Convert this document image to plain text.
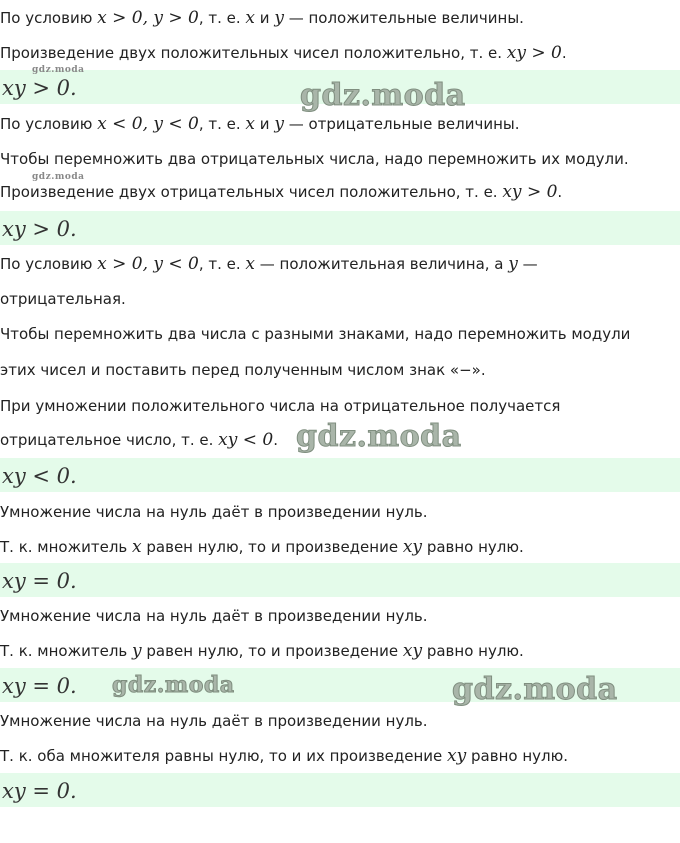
По условию x > 0, y > 0, т. е. x и y — положительные величины.
Произведение двух положительных чисел положительно, т. е. xy > 0.
xy > 0.
По условию x < 0, y < 0, т. е. x и y — отрицательные величины.
Чтобы перемножить два отрицательных числа, надо перемножить их модули.
Произведение двух отрицательных чисел положительно, т. е. xy > 0.
xy > 0.
По условию x > 0, y < 0, т. е. x — положительная величина, а y —
отрицательная.
Чтобы перемножить два числа с разными знаками, надо перемножить модули
этих чисел и поставить перед полученным числом знак «−».
При умножении положительного числа на отрицательное получается
отрицательное число, т. е. xy < 0.
xy < 0.
Умножение числа на нуль даёт в произведении нуль.
Т. к. множитель x равен нулю, то и произведение xy равно нулю.
xy = 0.
Умножение числа на нуль даёт в произведении нуль.
Т. к. множитель y равен нулю, то и произведение xy равно нулю.
xy = 0.
Умножение числа на нуль даёт в произведении нуль.
Т. к. оба множителя равны нулю, то и их произведение xy равно нулю.
xy = 0.
gdz.moda
gdz.moda
gdz.moda
gdz.moda
gdz.moda	gdz.moda
